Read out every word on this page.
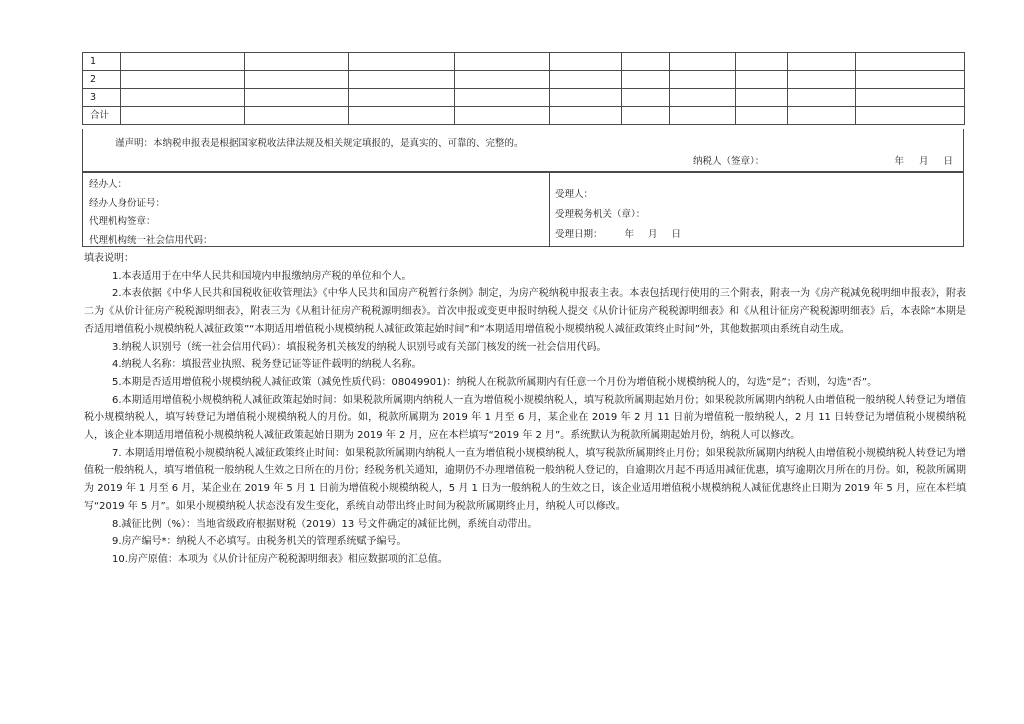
1										
2										
3										
合计										
谨声明：本纳税申报表是根据国家税收法律法规及相关规定填报的，是真实的、可靠的、完整的。
纳税人（签章）：	年 月 日
经办人：
经办人身份证号：
代理机构签章：
代理机构统一社会信用代码：
受理人：
受理税务机关（章）：
受理日期： 年 月 日
填表说明：

1.本表适用于在中华人民共和国境内申报缴纳房产税的单位和个人。

2.本表依据《中华人民共和国税收征收管理法》《中华人民共和国房产税暂行条例》制定，为房产税纳税申报表主表。本表包括现行使用的三个附表，附表一为《房产税减免税明细申报表》，附表二为《从价计征房产税税源明细表》，附表三为《从租计征房产税税源明细表》。首次申报或变更申报时纳税人提交《从价计征房产税税源明细表》和《从租计征房产税税源明细表》后，本表除“本期是否适用增值税小规模纳税人减征政策”“本期适用增值税小规模纳税人减征政策起始时间”和“本期适用增值税小规模纳税人减征政策终止时间”外，其他数据项由系统自动生成。

3.纳税人识别号（统一社会信用代码）：填报税务机关核发的纳税人识别号或有关部门核发的统一社会信用代码。

4.纳税人名称：填报营业执照、税务登记证等证件载明的纳税人名称。

5.本期是否适用增值税小规模纳税人减征政策（减免性质代码：08049901)：纳税人在税款所属期内有任意一个月份为增值税小规模纳税人的，勾选“是”；否则，勾选“否”。

6.本期适用增值税小规模纳税人减征政策起始时间：如果税款所属期内纳税人一直为增值税小规模纳税人，填写税款所属期起始月份；如果税款所属期内纳税人由增值税一般纳税人转登记为增值税小规模纳税人，填写转登记为增值税小规模纳税人的月份。如，税款所属期为 2019 年 1 月至 6 月，某企业在 2019 年 2 月 11 日前为增值税一般纳税人，2 月 11 日转登记为增值税小规模纳税人，该企业本期适用增值税小规模纳税人减征政策起始日期为 2019 年 2 月，应在本栏填写“2019 年 2 月”。系统默认为税款所属期起始月份，纳税人可以修改。

7. 本期适用增值税小规模纳税人减征政策终止时间：如果税款所属期内纳税人一直为增值税小规模纳税人，填写税款所属期终止月份；如果税款所属期内纳税人由增值税小规模纳税人转登记为增值税一般纳税人，填写增值税一般纳税人生效之日所在的月份；经税务机关通知，逾期仍不办理增值税一般纳税人登记的，自逾期次月起不再适用减征优惠，填写逾期次月所在的月份。如，税款所属期为 2019 年 1 月至 6 月，某企业在 2019 年 5 月 1 日前为增值税小规模纳税人，5 月 1 日为一般纳税人的生效之日，该企业适用增值税小规模纳税人减征优惠终止日期为 2019 年 5 月，应在本栏填写“2019 年 5 月”。如果小规模纳税人状态没有发生变化，系统自动带出终止时间为税款所属期终止月，纳税人可以修改。

8.减征比例（%）：当地省级政府根据财税（2019）13 号文件确定的减征比例，系统自动带出。

9.房产编号*：纳税人不必填写。由税务机关的管理系统赋予编号。

10.房产原值：本项为《从价计征房产税税源明细表》相应数据项的汇总值。
